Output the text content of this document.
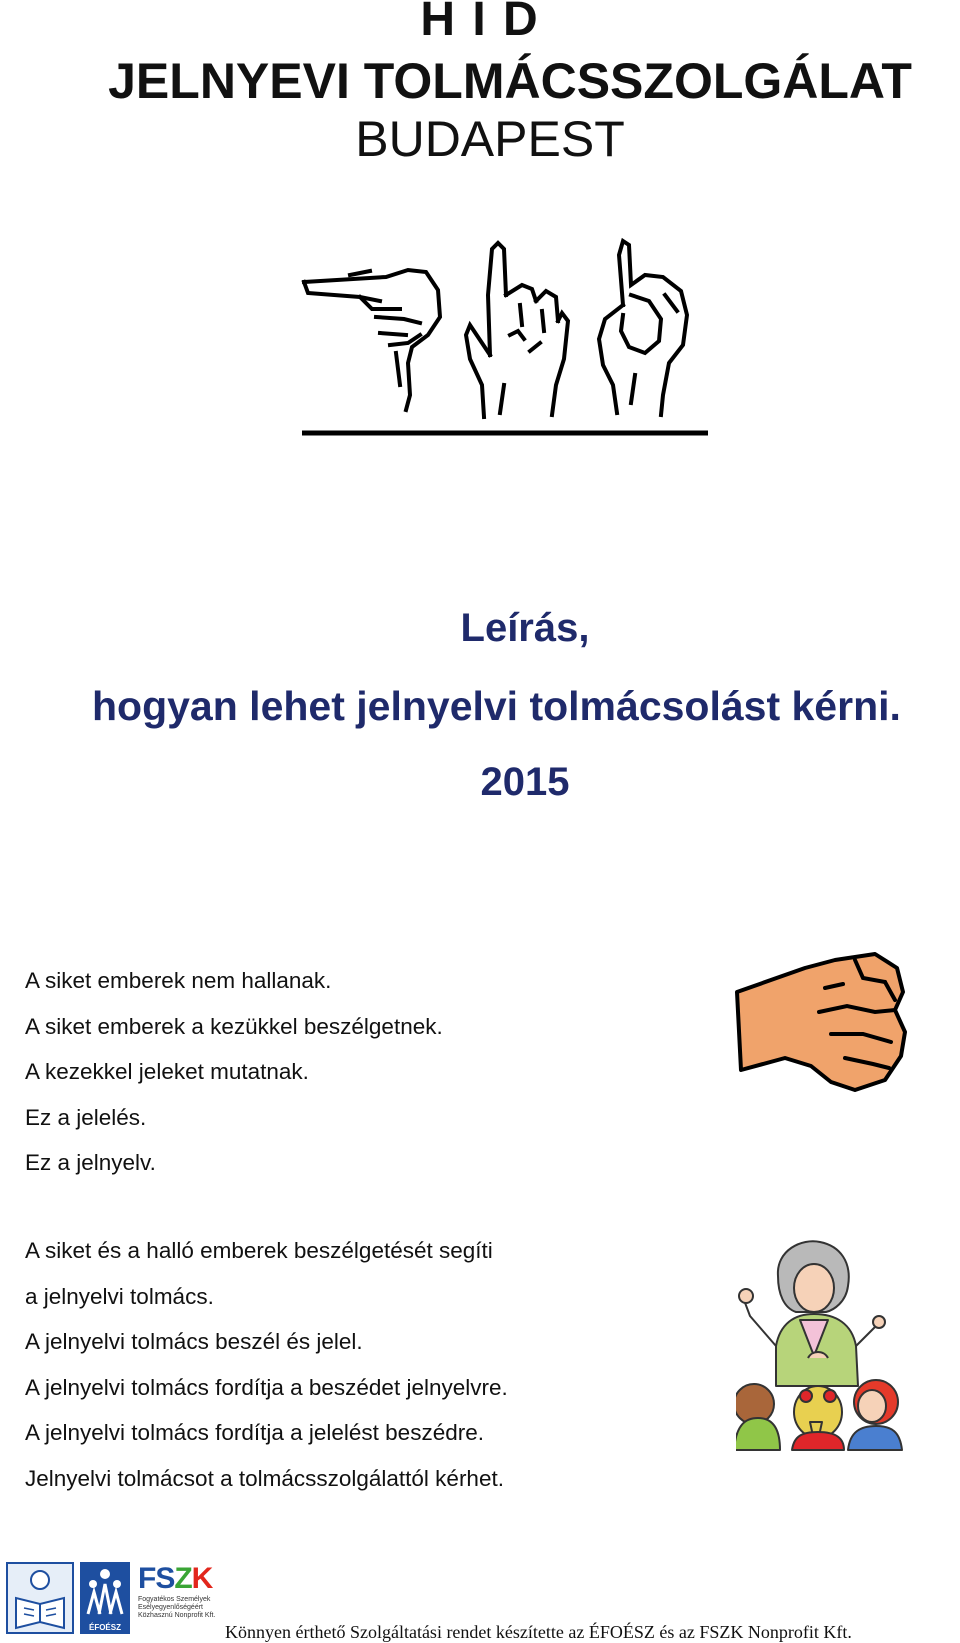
H I D
JELNYEVI TOLMÁCSSZOLGÁLAT
BUDAPEST
Leírás,
hogyan lehet jelnyelvi tolmácsolást kérni.
2015
A siket emberek nem hallanak.
A siket emberek a kezükkel beszélgetnek.
A kezekkel jeleket mutatnak.
Ez a jelelés.
Ez a jelnyelv.
A siket és a halló emberek beszélgetését segíti
a jelnyelvi tolmács.
A jelnyelvi tolmács beszél és jelel.
A jelnyelvi tolmács fordítja a beszédet jelnyelvre.
A jelnyelvi tolmács fordítja a jelelést beszédre.
Jelnyelvi tolmácsot a tolmácsszolgálattól kérhet.
ÉFOÉSZ
FSZK
Fogyatékos Személyek
Esélyegyenlőségéért
Közhasznú Nonprofit Kft.
Könnyen érthető Szolgáltatási rendet készítette az ÉFOÉSZ és az FSZK Nonprofit Kft.
